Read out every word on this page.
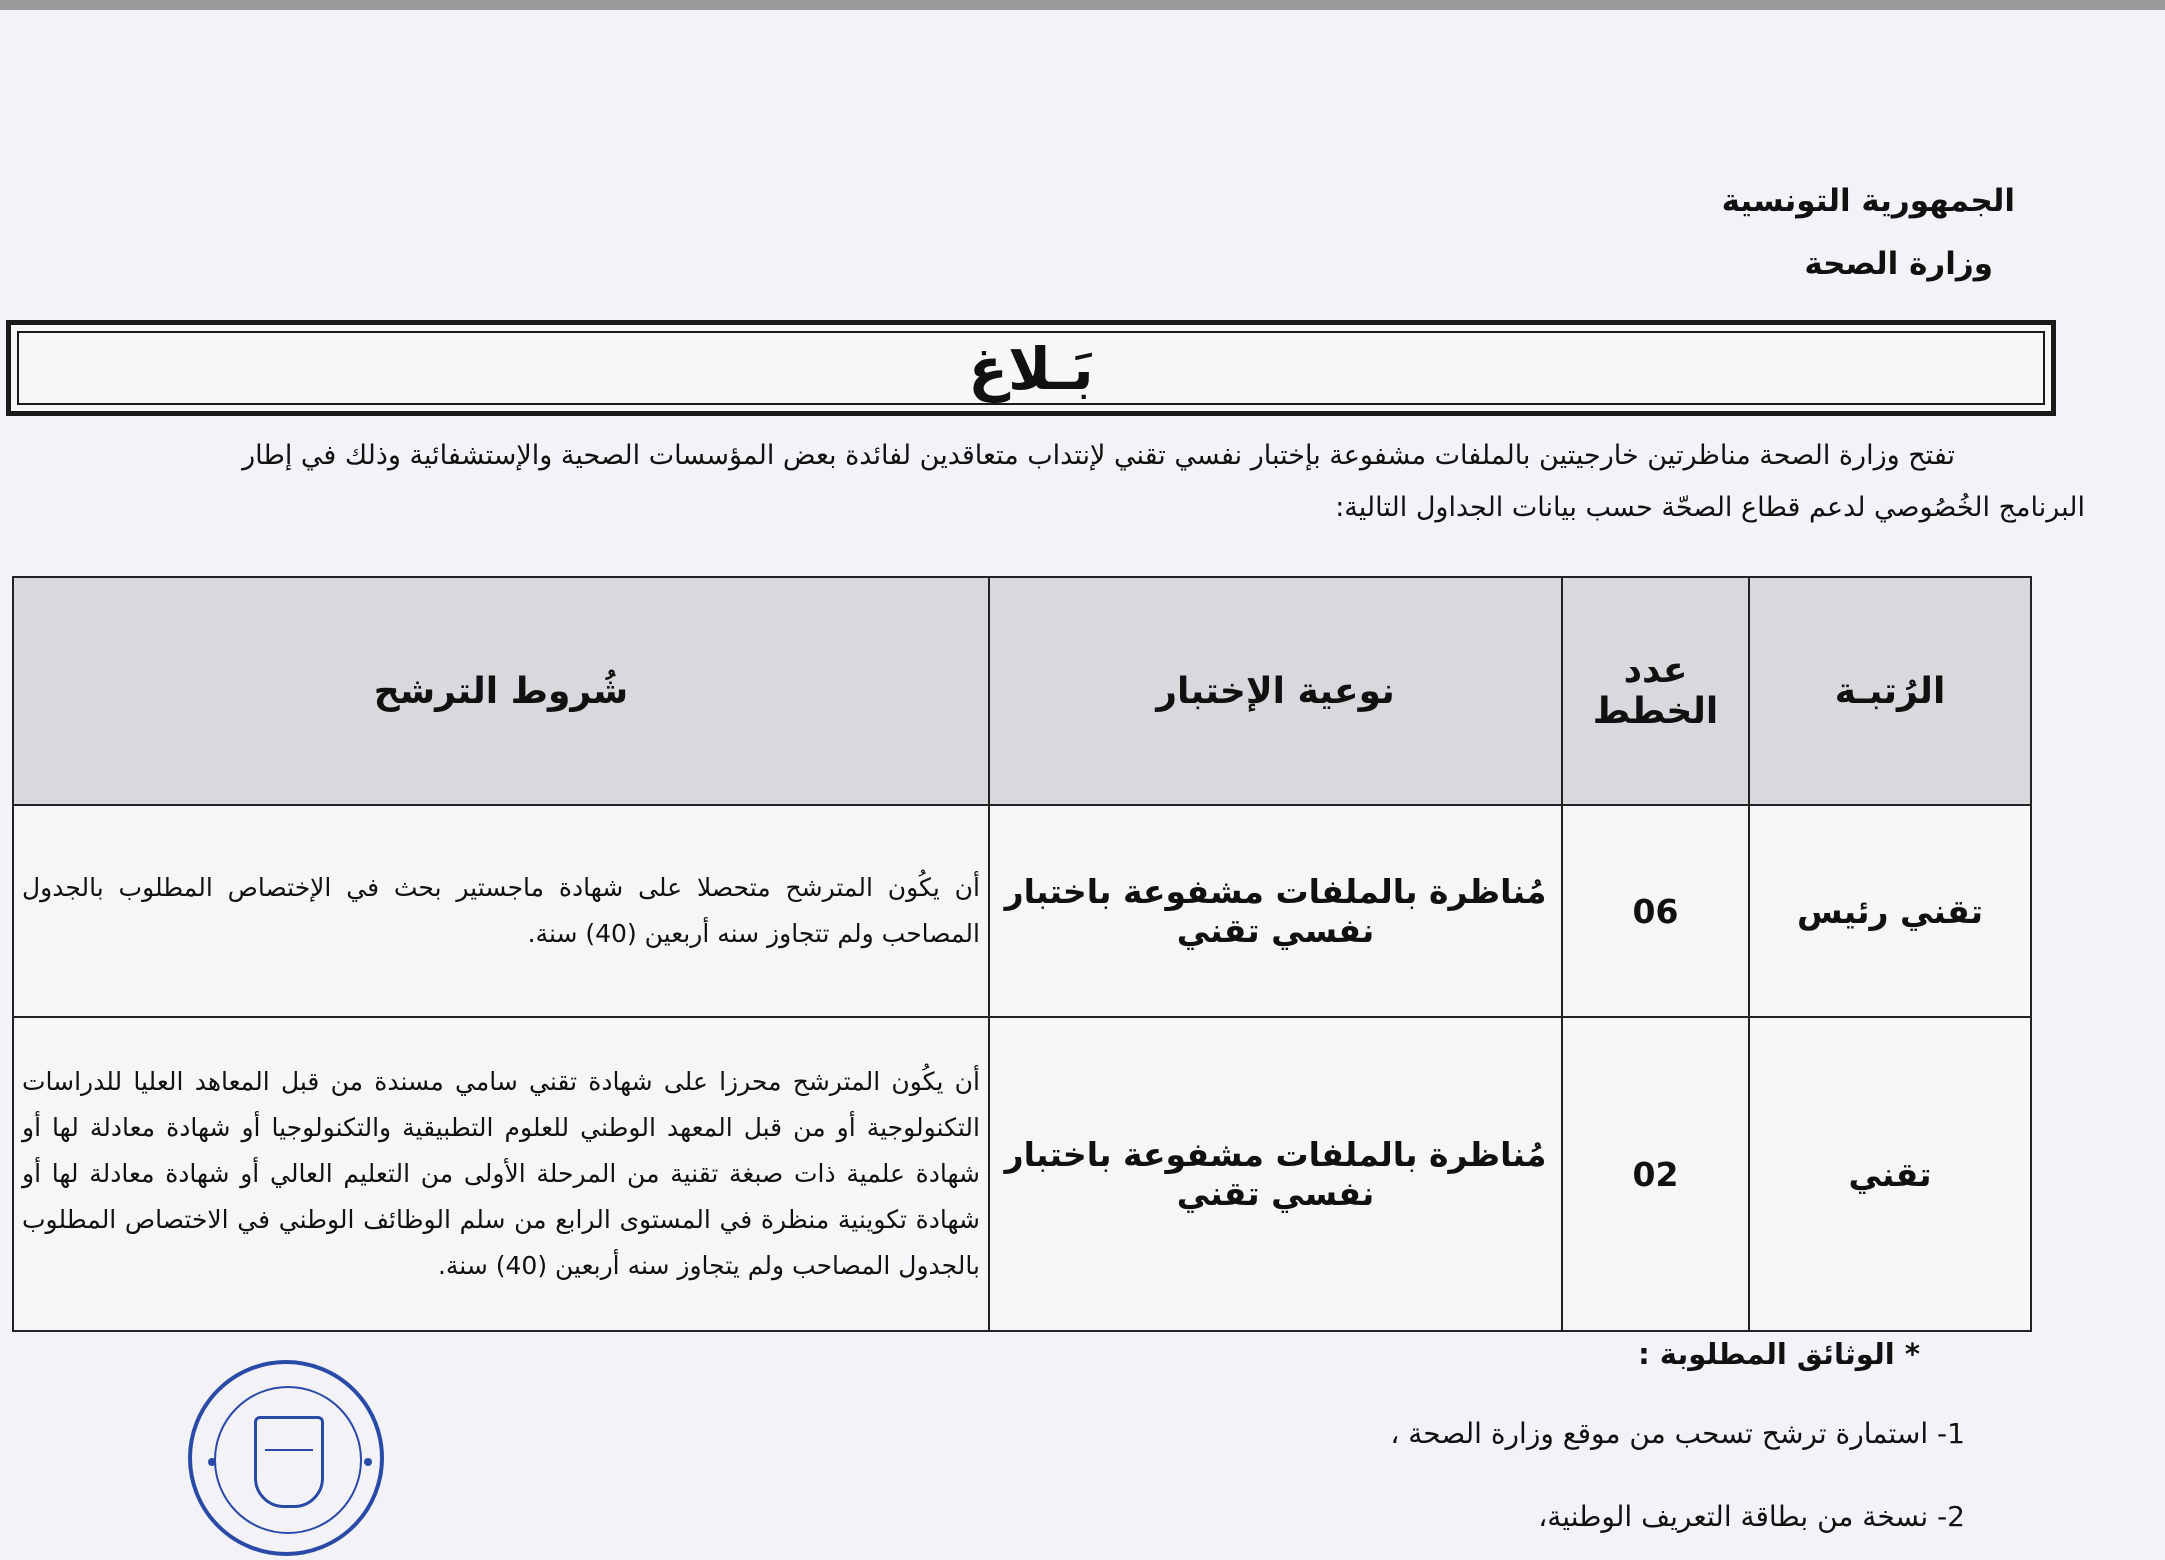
الجمهورية التونسية
وزارة الصحة
بَـلاغ
تفتح وزارة الصحة مناظرتين خارجيتين بالملفات مشفوعة بإختبار نفسي تقني لإنتداب متعاقدين لفائدة بعض المؤسسات الصحية والإستشفائية وذلك في إطار
البرنامج الخُصُوصي لدعم قطاع الصحّة حسب بيانات الجداول التالية:
الرُتبـة	عدد الخطط	نوعية الإختبار	شُروط الترشح
تقني رئيس	06	مُناظرة بالملفات مشفوعة باختبار نفسي تقني	أن يكُون المترشح متحصلا على شهادة ماجستير بحث في الإختصاص المطلوب بالجدول المصاحب ولم تتجاوز سنه أربعين (40) سنة.
تقني	02	مُناظرة بالملفات مشفوعة باختبار نفسي تقني	أن يكُون المترشح محرزا على شهادة تقني سامي مسندة من قبل المعاهد العليا للدراسات التكنولوجية أو من قبل المعهد الوطني للعلوم التطبيقية والتكنولوجيا أو شهادة معادلة لها أو شهادة علمية ذات صبغة تقنية من المرحلة الأولى من التعليم العالي أو شهادة معادلة لها أو شهادة تكوينية منظرة في المستوى الرابع من سلم الوظائف الوطني في الاختصاص المطلوب بالجدول المصاحب ولم يتجاوز سنه أربعين (40) سنة.
* الوثائق المطلوبة :
1- استمارة ترشح تسحب من موقع وزارة الصحة ،
2- نسخة من بطاقة التعريف الوطنية،
